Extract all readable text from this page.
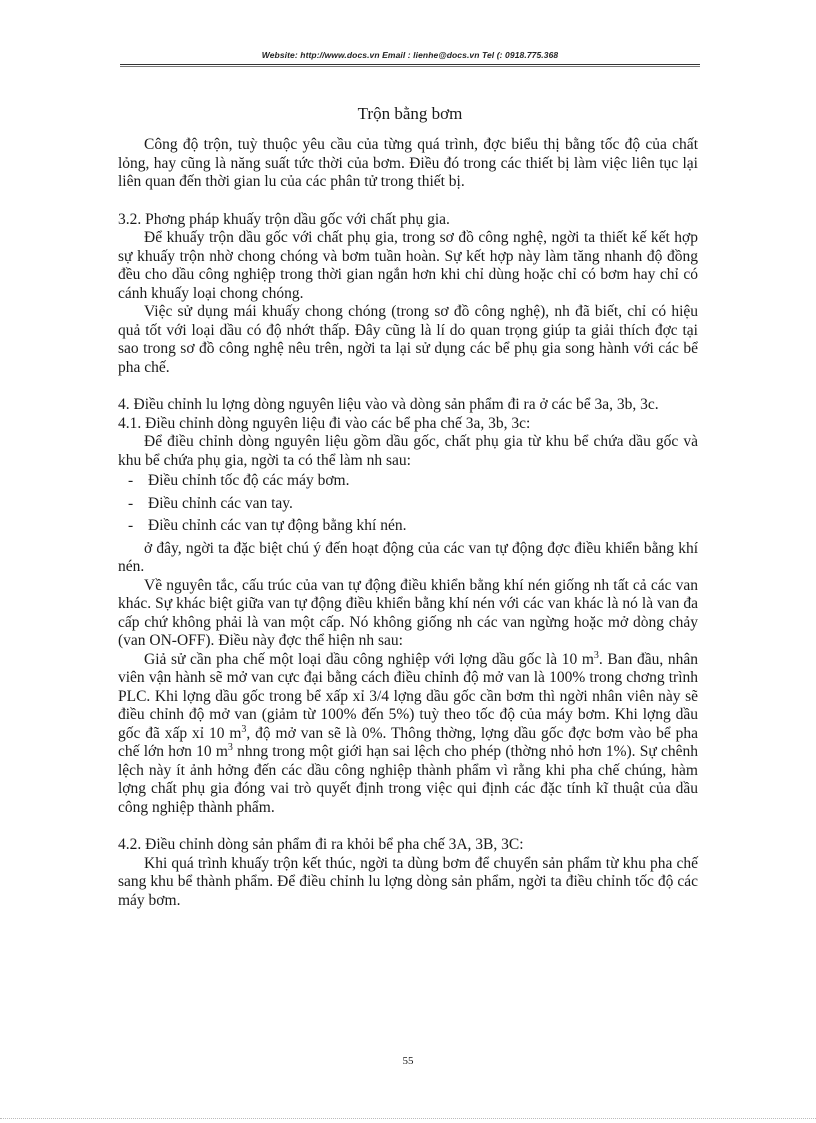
Website: http://www.docs.vn Email : lienhe@docs.vn Tel (: 0918.775.368
Trộn bằng bơm

Công độ trộn, tuỳ thuộc yêu cầu của từng quá trình, đợc biểu thị bằng tốc độ của chất lỏng, hay cũng là năng suất tức thời của bơm. Điều đó trong các thiết bị làm việc liên tục lại liên quan đến thời gian lu của các phân tử trong thiết bị.

3.2. Phơng pháp khuấy trộn dầu gốc với chất phụ gia.

Để khuấy trộn dầu gốc với chất phụ gia, trong sơ đồ công nghệ, ngời ta thiết kế kết hợp sự khuấy trộn nhờ chong chóng và bơm tuần hoàn. Sự kết hợp này làm tăng nhanh độ đồng đều cho dầu công nghiệp trong thời gian ngắn hơn khi chỉ dùng hoặc chỉ có bơm hay chỉ có cánh khuấy loại chong chóng.

Việc sử dụng mái khuấy chong chóng (trong sơ đồ công nghệ), nh đã biết, chỉ có hiệu quả tốt với loại dầu có độ nhớt thấp. Đây cũng là lí do quan trọng giúp ta giải thích đợc tại sao trong sơ đồ công nghệ nêu trên, ngời ta lại sử dụng các bể phụ gia song hành với các bể pha chế.

4. Điều chỉnh lu lợng dòng nguyên liệu vào và dòng sản phẩm đi ra ở các bể 3a, 3b, 3c.

4.1. Điều chỉnh dòng nguyên liệu đi vào các bể pha chế 3a, 3b, 3c:

Để điều chỉnh dòng nguyên liệu gồm dầu gốc, chất phụ gia từ khu bể chứa dầu gốc và khu bể chứa phụ gia, ngời ta có thể làm nh sau:

- Điều chỉnh tốc độ các máy bơm.
- Điều chỉnh các van tay.
- Điều chỉnh các van tự động bằng khí nén.

ở đây, ngời ta đặc biệt chú ý đến hoạt động của các van tự động đợc điều khiển bằng khí nén.

Về nguyên tắc, cấu trúc của van tự động điều khiển bằng khí nén giống nh tất cả các van khác. Sự khác biệt giữa van tự động điều khiển bằng khí nén với các van khác là nó là van đa cấp chứ không phải là van một cấp. Nó không giống nh các van ngừng hoặc mở dòng chảy (van ON-OFF). Điều này đợc thể hiện nh sau:

Giả sử cần pha chế một loại dầu công nghiệp với lợng dầu gốc là 10 $m^3$. Ban đầu, nhân viên vận hành sẽ mở van cực đại bằng cách điều chỉnh độ mở van là 100% trong chơng trình PLC. Khi lợng dầu gốc trong bể xấp xỉ 3/4 lợng dầu gốc cần bơm thì ngời nhân viên này sẽ điều chỉnh độ mở van (giảm từ 100% đến 5%) tuỳ theo tốc độ của máy bơm. Khi lợng dầu gốc đã xấp xỉ 10 $m^3$, độ mở van sẽ là 0%. Thông thờng, lợng dầu gốc đợc bơm vào bể pha chế lớn hơn 10 $m^3$ nhng trong một giới hạn sai lệch cho phép (thờng nhỏ hơn 1%). Sự chênh lệch này ít ảnh hởng đến các dầu công nghiệp thành phẩm vì rằng khi pha chế chúng, hàm lợng chất phụ gia đóng vai trò quyết định trong việc qui định các đặc tính kĩ thuật của dầu công nghiệp thành phẩm.

4.2. Điều chỉnh dòng sản phẩm đi ra khỏi bể pha chế 3A, 3B, 3C:

Khi quá trình khuấy trộn kết thúc, ngời ta dùng bơm để chuyển sản phẩm từ khu pha chế sang khu bể thành phẩm. Để điều chỉnh lu lợng dòng sản phẩm, ngời ta điều chỉnh tốc độ các máy bơm.

55
